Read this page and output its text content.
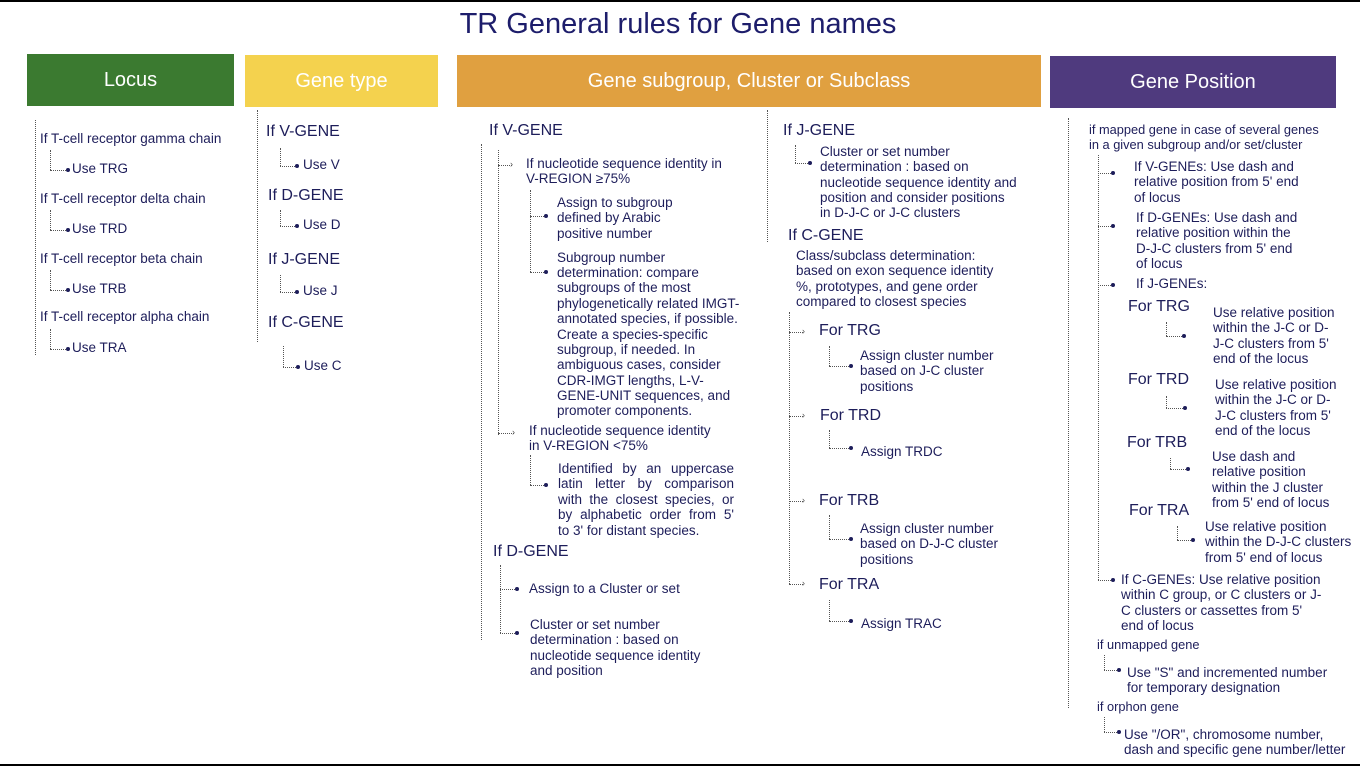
TR General rules for Gene names
Locus	Gene type	Gene subgroup, Cluster or Subclass	Gene Position
If T-cell receptor gamma chain
Use TRG
If T-cell receptor delta chain
Use TRD
If T-cell receptor beta chain
Use TRB
If T-cell receptor alpha chain
Use TRA
If V-GENE
Use V
If D-GENE
Use D
If J-GENE
Use J
If C-GENE
Use C
If V-GENE
› If nucleotide sequence identity in
V-REGION ≥75%
Assign to subgroup
defined by Arabic
positive number
Subgroup number
determination: compare
subgroups of the most
phylogenetically related IMGT-
annotated species, if possible.
Create a species-specific
subgroup, if needed. In
ambiguous cases, consider
CDR-IMGT lengths, L-V-
GENE-UNIT sequences, and
promoter components.
› If nucleotide sequence identity
in V-REGION <75%
Identified by an uppercase
latin letter by comparison
with the closest species, or
by alphabetic order from 5'
to 3' for distant species.
If D-GENE
Assign to a Cluster or set
Cluster or set number
determination : based on
nucleotide sequence identity
and position
If J-GENE
Cluster or set number
determination : based on
nucleotide sequence identity and
position and consider positions
in D-J-C or J-C clusters
If C-GENE
Class/subclass determination:
based on exon sequence identity
%, prototypes, and gene order
compared to closest species
› For TRG
Assign cluster number
based on J-C cluster
positions
› For TRD
Assign TRDC
› For TRB
Assign cluster number
based on D-J-C cluster
positions
› For TRA
Assign TRAC
if mapped gene in case of several genes
in a given subgroup and/or set/cluster
If V-GENEs: Use dash and
relative position from 5' end
of locus
If D-GENEs: Use dash and
relative position within the
D-J-C clusters from 5' end
of locus
If J-GENEs:
For TRG Use relative position
within the J-C or D-
J-C clusters from 5'
end of the locus
For TRD Use relative position
within the J-C or D-
J-C clusters from 5'
end of the locus
For TRB
Use dash and
relative position
within the J cluster
from 5' end of locus
For TRA
Use relative position
within the D-J-C clusters
from 5' end of locus
If C-GENEs: Use relative position
within C group, or C clusters or J-
C clusters or cassettes from 5'
end of locus
if unmapped gene
Use "S" and incremented number
for temporary designation
if orphon gene
Use "/OR", chromosome number,
dash and specific gene number/letter
